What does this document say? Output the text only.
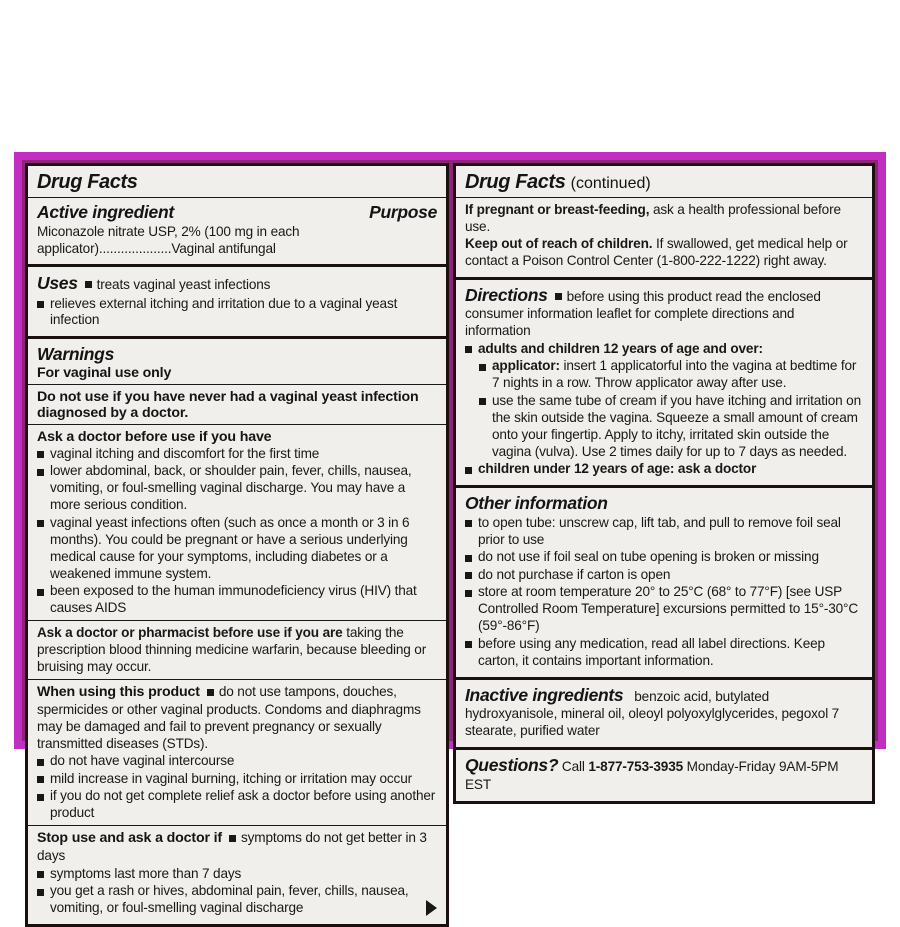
Drug Facts
Purpose
Active ingredient
Miconazole nitrate USP, 2% (100 mg in each applicator)....................Vaginal antifungal
Uses treats vaginal yeast infections
relieves external itching and irritation due to a vaginal yeast infection
Warnings
For vaginal use only
Do not use if you have never had a vaginal yeast infection diagnosed by a doctor.
Ask a doctor before use if you have
vaginal itching and discomfort for the first time
lower abdominal, back, or shoulder pain, fever, chills, nausea, vomiting, or foul-smelling vaginal discharge. You may have a more serious condition.
vaginal yeast infections often (such as once a month or 3 in 6 months). You could be pregnant or have a serious underlying medical cause for your symptoms, including diabetes or a weakened immune system.
been exposed to the human immunodeficiency virus (HIV) that causes AIDS
Ask a doctor or pharmacist before use if you are taking the prescription blood thinning medicine warfarin, because bleeding or bruising may occur.
When using this product do not use tampons, douches, spermicides or other vaginal products. Condoms and diaphragms may be damaged and fail to prevent pregnancy or sexually transmitted diseases (STDs).
do not have vaginal intercourse
mild increase in vaginal burning, itching or irritation may occur
if you do not get complete relief ask a doctor before using another product
Stop use and ask a doctor if symptoms do not get better in 3 days
symptoms last more than 7 days
you get a rash or hives, abdominal pain, fever, chills, nausea, vomiting, or foul-smelling vaginal discharge
Drug Facts (continued)
If pregnant or breast-feeding, ask a health professional before use.
Keep out of reach of children. If swallowed, get medical help or contact a Poison Control Center (1-800-222-1222) right away.
Directions before using this product read the enclosed consumer information leaflet for complete directions and information
adults and children 12 years of age and over:
applicator: insert 1 applicatorful into the vagina at bedtime for 7 nights in a row. Throw applicator away after use.
use the same tube of cream if you have itching and irritation on the skin outside the vagina. Squeeze a small amount of cream onto your fingertip. Apply to itchy, irritated skin outside the vagina (vulva). Use 2 times daily for up to 7 days as needed.
children under 12 years of age: ask a doctor
Other information
to open tube: unscrew cap, lift tab, and pull to remove foil seal prior to use
do not use if foil seal on tube opening is broken or missing
do not purchase if carton is open
store at room temperature 20° to 25°C (68° to 77°F) [see USP Controlled Room Temperature] excursions permitted to 15°-30°C (59°-86°F)
before using any medication, read all label directions. Keep carton, it contains important information.
Inactive ingredients benzoic acid, butylated hydroxyanisole, mineral oil, oleoyl polyoxylglycerides, pegoxol 7 stearate, purified water
Questions? Call 1-877-753-3935 Monday-Friday 9AM-5PM EST
